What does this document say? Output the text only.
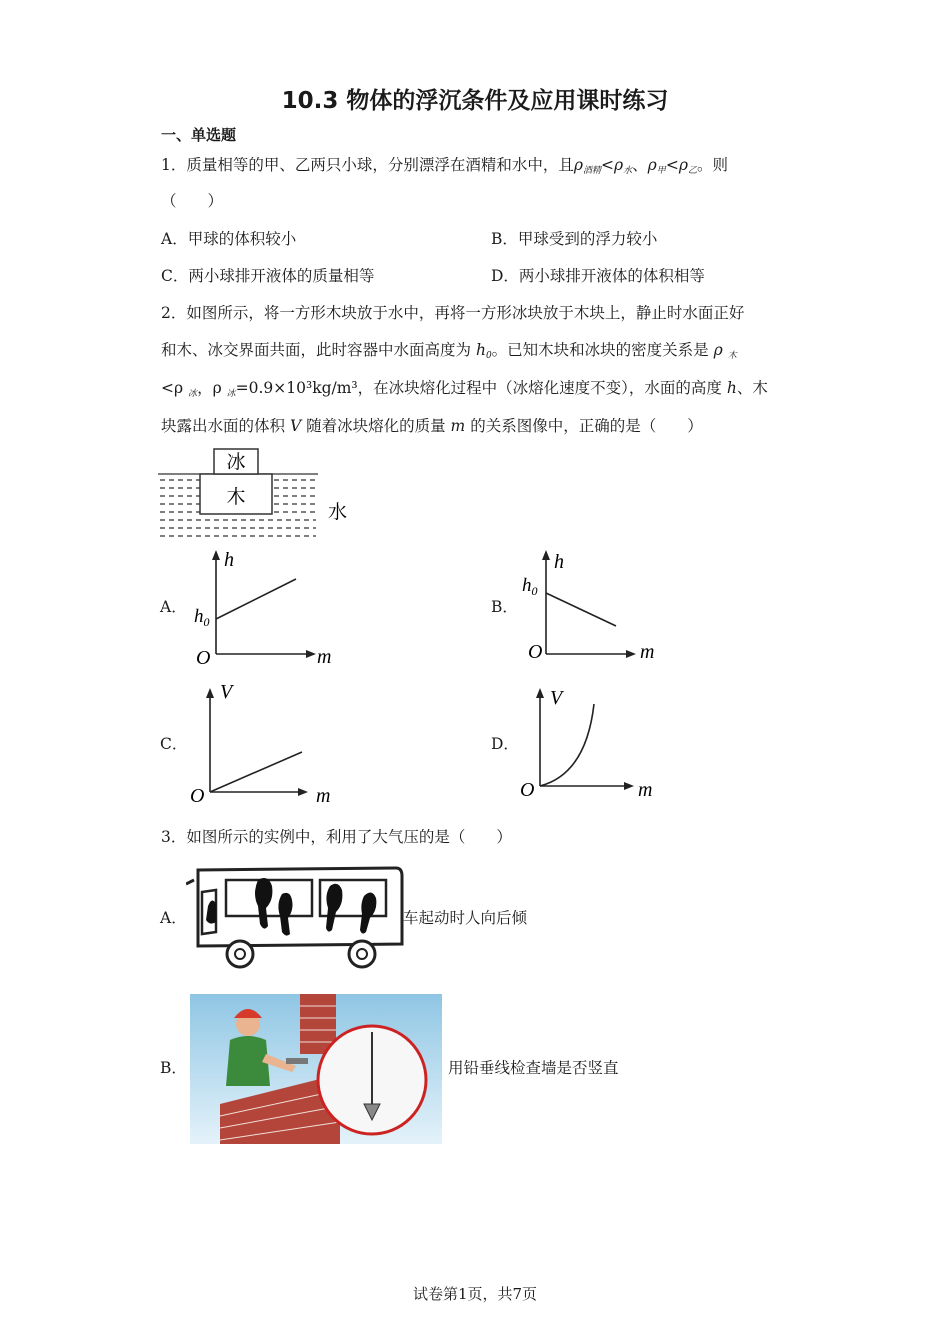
10.3 物体的浮沉条件及应用课时练习
一、单选题
1．质量相等的甲、乙两只小球，分别漂浮在酒精和水中，且$\rho_{酒精}<\rho_水$、$\rho_甲<\rho_乙$。则
（　　）
A．甲球的体积较小	B．甲球受到的浮力较小
C．两小球排开液体的质量相等	D．两小球排开液体的体积相等
2．如图所示，将一方形木块放于水中，再将一方形冰块放于木块上，静止时水面正好
和木、冰交界面共面，此时容器中水面高度为 $h_0$。已知木块和冰块的密度关系是 ρ $_木$
<ρ $_冰$，ρ $_冰$=0.9×10³kg/m³，在冰块熔化过程中（冰熔化速度不变），水面的高度 h、木
块露出水面的体积 V 随着冰块熔化的质量 m 的关系图像中，正确的是（　　）
冰
木
水
A．	B．
C．	D．
h
$h_0$
O	m
h
$h_0$
O	m
V
O	m
V
O	m
3．如图所示的实例中，利用了大气压的是（　　）
A．	车起动时人向后倾
B．	用铅垂线检查墙是否竖直
试卷第1页，共7页
